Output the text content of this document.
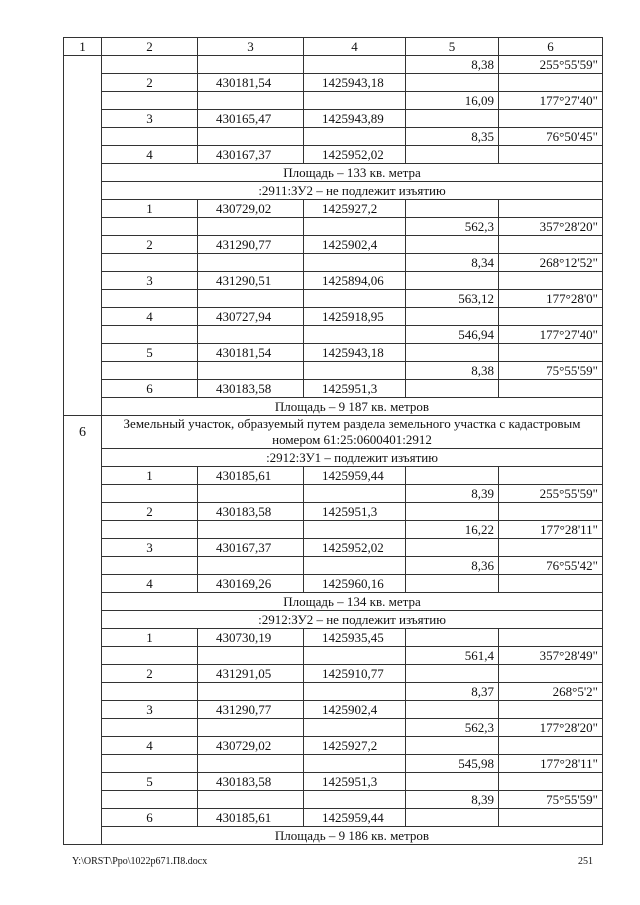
1	2	3	4	5	6
				8,38	255°55'59"
	2	430181,54	1425943,18		
				16,09	177°27'40"
	3	430165,47	1425943,89		
				8,35	76°50'45"
	4	430167,37	1425952,02		
	Площадь – 133 кв. метра				
	:2911:ЗУ2 – не подлежит изъятию				
	1	430729,02	1425927,2		
				562,3	357°28'20"
	2	431290,77	1425902,4		
				8,34	268°12'52"
	3	431290,51	1425894,06		
				563,12	177°28'0"
	4	430727,94	1425918,95		
				546,94	177°27'40"
	5	430181,54	1425943,18		
				8,38	75°55'59"
	6	430183,58	1425951,3		
	Площадь – 9 187 кв. метров				
6	Земельный участок, образуемый путем раздела земельного участка с кадастровым номером 61:25:0600401:2912				
	:2912:ЗУ1 – подлежит изъятию				
	1	430185,61	1425959,44		
				8,39	255°55'59"
	2	430183,58	1425951,3		
				16,22	177°28'11"
	3	430167,37	1425952,02		
				8,36	76°55'42"
	4	430169,26	1425960,16		
	Площадь – 134 кв. метра				
	:2912:ЗУ2 – не подлежит изъятию				
	1	430730,19	1425935,45		
				561,4	357°28'49"
	2	431291,05	1425910,77		
				8,37	268°5'2"
	3	431290,77	1425902,4		
				562,3	177°28'20"
	4	430729,02	1425927,2		
				545,98	177°28'11"
	5	430183,58	1425951,3		
				8,39	75°55'59"
	6	430185,61	1425959,44		
	Площадь – 9 186 кв. метров				
Y:\ORST\Ppo\1022p671.П8.docx	251
